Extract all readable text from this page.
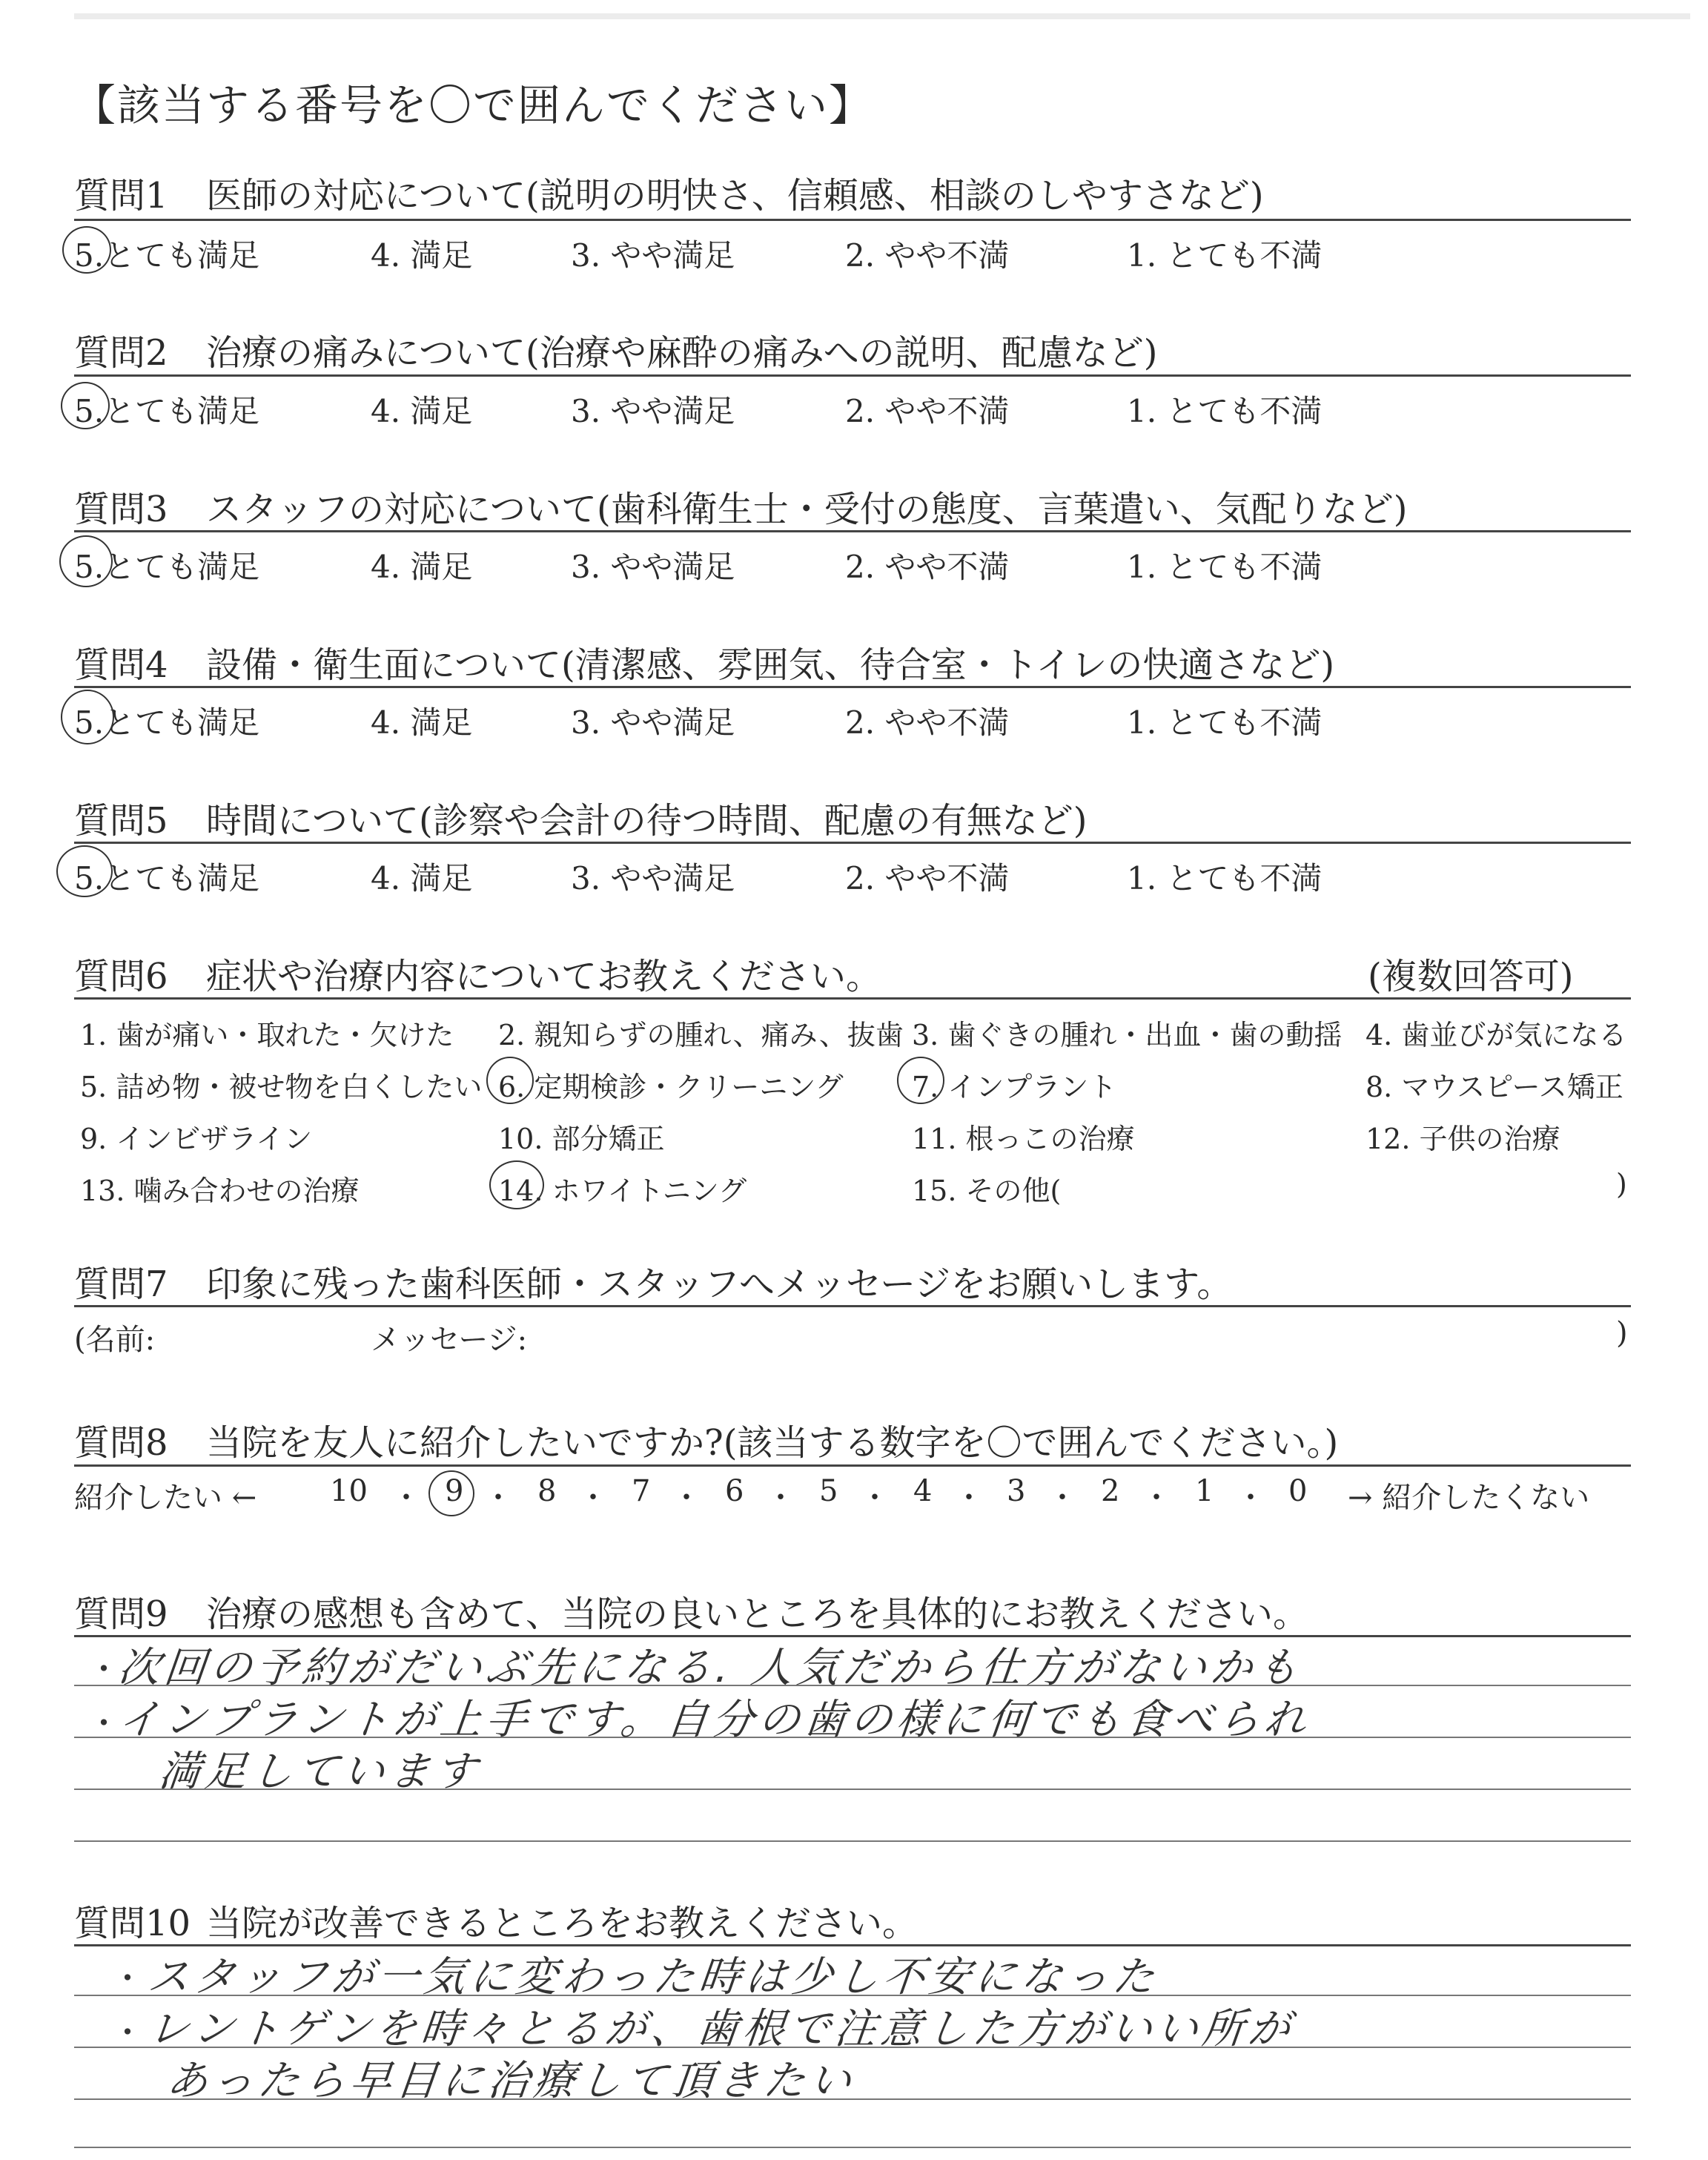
【該当する番号を〇で囲んでください】
質問1 医師の対応について(説明の明快さ、信頼感、相談のしやすさなど)
5.とても満足	4. 満足	3. やや満足	2. やや不満	1. とても不満
質問2 治療の痛みについて(治療や麻酔の痛みへの説明、配慮など)
5.とても満足	4. 満足	3. やや満足	2. やや不満	1. とても不満
質問3 スタッフの対応について(歯科衛生士・受付の態度、言葉遣い、気配りなど)
5.とても満足	4. 満足	3. やや満足	2. やや不満	1. とても不満
質問4 設備・衛生面について(清潔感、雰囲気、待合室・トイレの快適さなど)
5.とても満足	4. 満足	3. やや満足	2. やや不満	1. とても不満
質問5 時間について(診察や会計の待つ時間、配慮の有無など)
5.とても満足	4. 満足	3. やや満足	2. やや不満	1. とても不満
質問6 症状や治療内容についてお教えください。	(複数回答可)
1. 歯が痛い・取れた・欠けた 2. 親知らずの腫れ、痛み、抜歯 3. 歯ぐきの腫れ・出血・歯の動揺 4. 歯並びが気になる
5. 詰め物・被せ物を白くしたい 6. 定期検診・クリーニング 7. インプラント	8. マウスピース矯正
9. インビザライン	10. 部分矯正	11. 根っこの治療	12. 子供の治療
13. 噛み合わせの治療	14. ホワイトニング	15. その他(	)
質問7 印象に残った歯科医師・スタッフへメッセージをお願いします。
(名前:	メッセージ:	)
質問8 当院を友人に紹介したいですか?(該当する数字を〇で囲んでください。)
紹介したい ←	→ 紹介したくない
10 ・ 9 ・ 8 ・ 7 ・ 6 ・ 5 ・ 4 ・ 3 ・ 2 ・ 1 ・ 0
質問9 治療の感想も含めて、当院の良いところを具体的にお教えください。
・
・
次回の予約がだいぶ先になる. 人気だから仕方がないかも
インプラントが上手です。自分の歯の様に何でも食べられ
満足しています
質問10 当院が改善できるところをお教えください。
・
・
スタッフが一気に変わった時は少し不安になった
レントゲンを時々とるが、歯根で注意した方がいい所が
あったら早目に治療して頂きたい
